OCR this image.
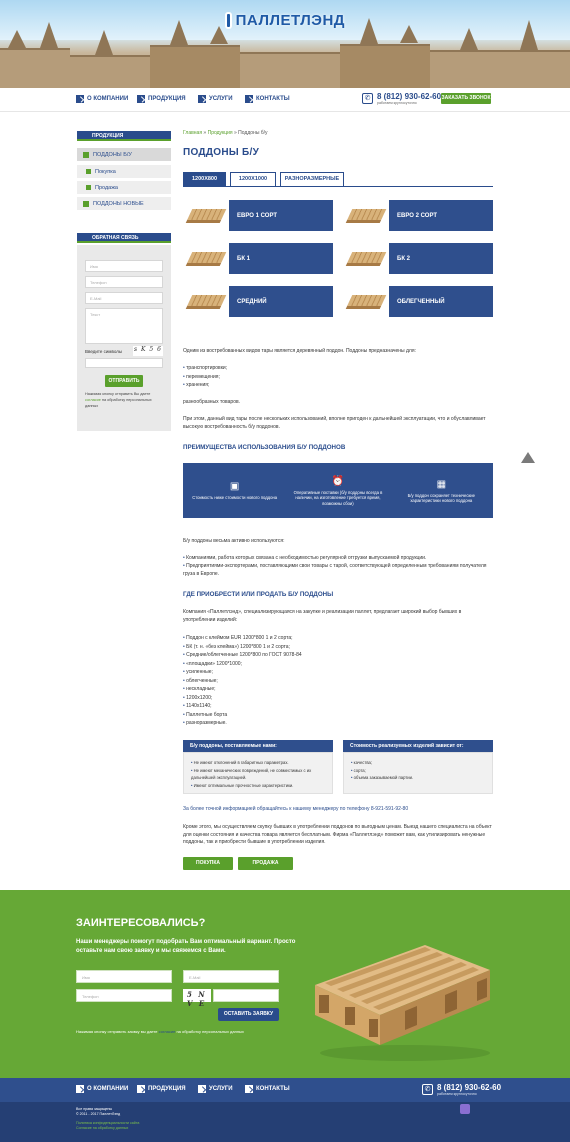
ПАЛЛЕТЛЭНД
О КОМПАНИИ	ПРОДУКЦИЯ	УСЛУГИ	КОНТАКТЫ	✆ 8 (812) 930-62-60
работаем круглосуточно
ЗАКАЗАТЬ ЗВОНОК
ПРОДУКЦИЯ
ПОДДОНЫ Б/У
Покупка
Продажа
ПОДДОНЫ НОВЫЕ
ОБРАТНАЯ СВЯЗЬ
Имя
Телефон
E-Mail
Текст
Введите символы s K 5 6
ОТПРАВИТЬ
Нажимая кнопку отправить Вы даете согласие на обработку персональных данных
Главная » Продукция » Поддоны б/у
ПОДДОНЫ Б/У
1200Х800	1200Х1000	РАЗНОРАЗМЕРНЫЕ
ЕВРО 1 СОРТ	ЕВРО 2 СОРТ
БК 1	БК 2
СРЕДНИЙ	ОБЛЕГЧЕННЫЙ
Одним из востребованных видов тары является деревянный поддон. Поддоны предназначены для:
• транспортировки;
• перемещения;
• хранения;
разнообразных товаров.
При этом, данный вид тары после нескольких использований, вполне пригоден к дальнейшей эксплуатации, что и обуславливает высокую востребованность б/у поддонов.
ПРЕИМУЩЕСТВА ИСПОЛЬЗОВАНИЯ Б/У ПОДДОНОВ
▣
Стоимость ниже стоимости нового поддона
⏰
Оперативные поставки (б/у поддоны всегда в наличии, на изготовление требуется время, возможны сбои)
▦
Б/у поддон сохраняет технические характеристики нового поддона
Б/у поддоны весьма активно используются:
• Компаниями, работа которых связана с необходимостью регулярной отгрузки выпускаемой продукции.
• Предприятиями-экспортерами, поставляющими свои товары с тарой, соответствующей определенным требованиям получателя груза в Европе.
ГДЕ ПРИОБРЕСТИ ИЛИ ПРОДАТЬ Б/У ПОДДОНЫ
Компания «Паллетлэнд», специализирующаяся на закупке и реализации паллет, предлагает широкий выбор бывших в употреблении изделий:
• Поддон с клеймом EUR 1200*800 1 и 2 сорта;
• БК (т. н. «без клейма») 1200*800 1 и 2 сорта;
• Средние/облегченные 1200*800 по ГОСТ 9078-84
• «площадки» 1200*1000;
• усиленные;
• облегченные;
• нескладные;
• 1200х1200;
• 1140х1140;
• Паллетные борта
• разноразмерные.
Б/у поддоны, поставляемые нами:
• Не имеют отклонений в габаритных параметрах.
• Не имеют механических повреждений, не совместимых с их дальнейшей эксплуатацией.
• Имеют оптимальные прочностные характеристики.
Стоимость реализуемых изделий зависит от:
• качества;
• сорта;
• объема заказываемой партии.
За более точной информацией обращайтесь к нашему менеджеру по телефону 8-921-591-92-80
Кроме этого, мы осуществляем скупку бывших в употреблении поддонов по выгодным ценам. Выезд нашего специалиста на объект для оценки состояния и качества товара является бесплатным. Фирма «Паллетлэнд» поможет вам, как утилизировать ненужные поддоны, так и приобрести бывшие в употреблении изделия.
ПОКУПКА ПОДДОНОВ
ПРОДАЖА ПОДДОНОВ
ЗАИНТЕРЕСОВАЛИСЬ?
Наши менеджеры помогут подобрать Вам оптимальный вариант. Просто оставьте нам свою заявку и мы свяжемся с Вами.
Имя	E-Mail
Телефон	5 N V E
ОСТАВИТЬ ЗАЯВКУ
Нажимая кнопку отправить заявку вы даете согласие на обработку персональных данных
О КОМПАНИИ	ПРОДУКЦИЯ	УСЛУГИ	КОНТАКТЫ	✆ 8 (812) 930-62-60
работаем круглосуточно
Все права защищены
© 2011 - 2017 ПаллетЛэнд
Политика конфиденциальности сайта
Согласие на обработку данных
